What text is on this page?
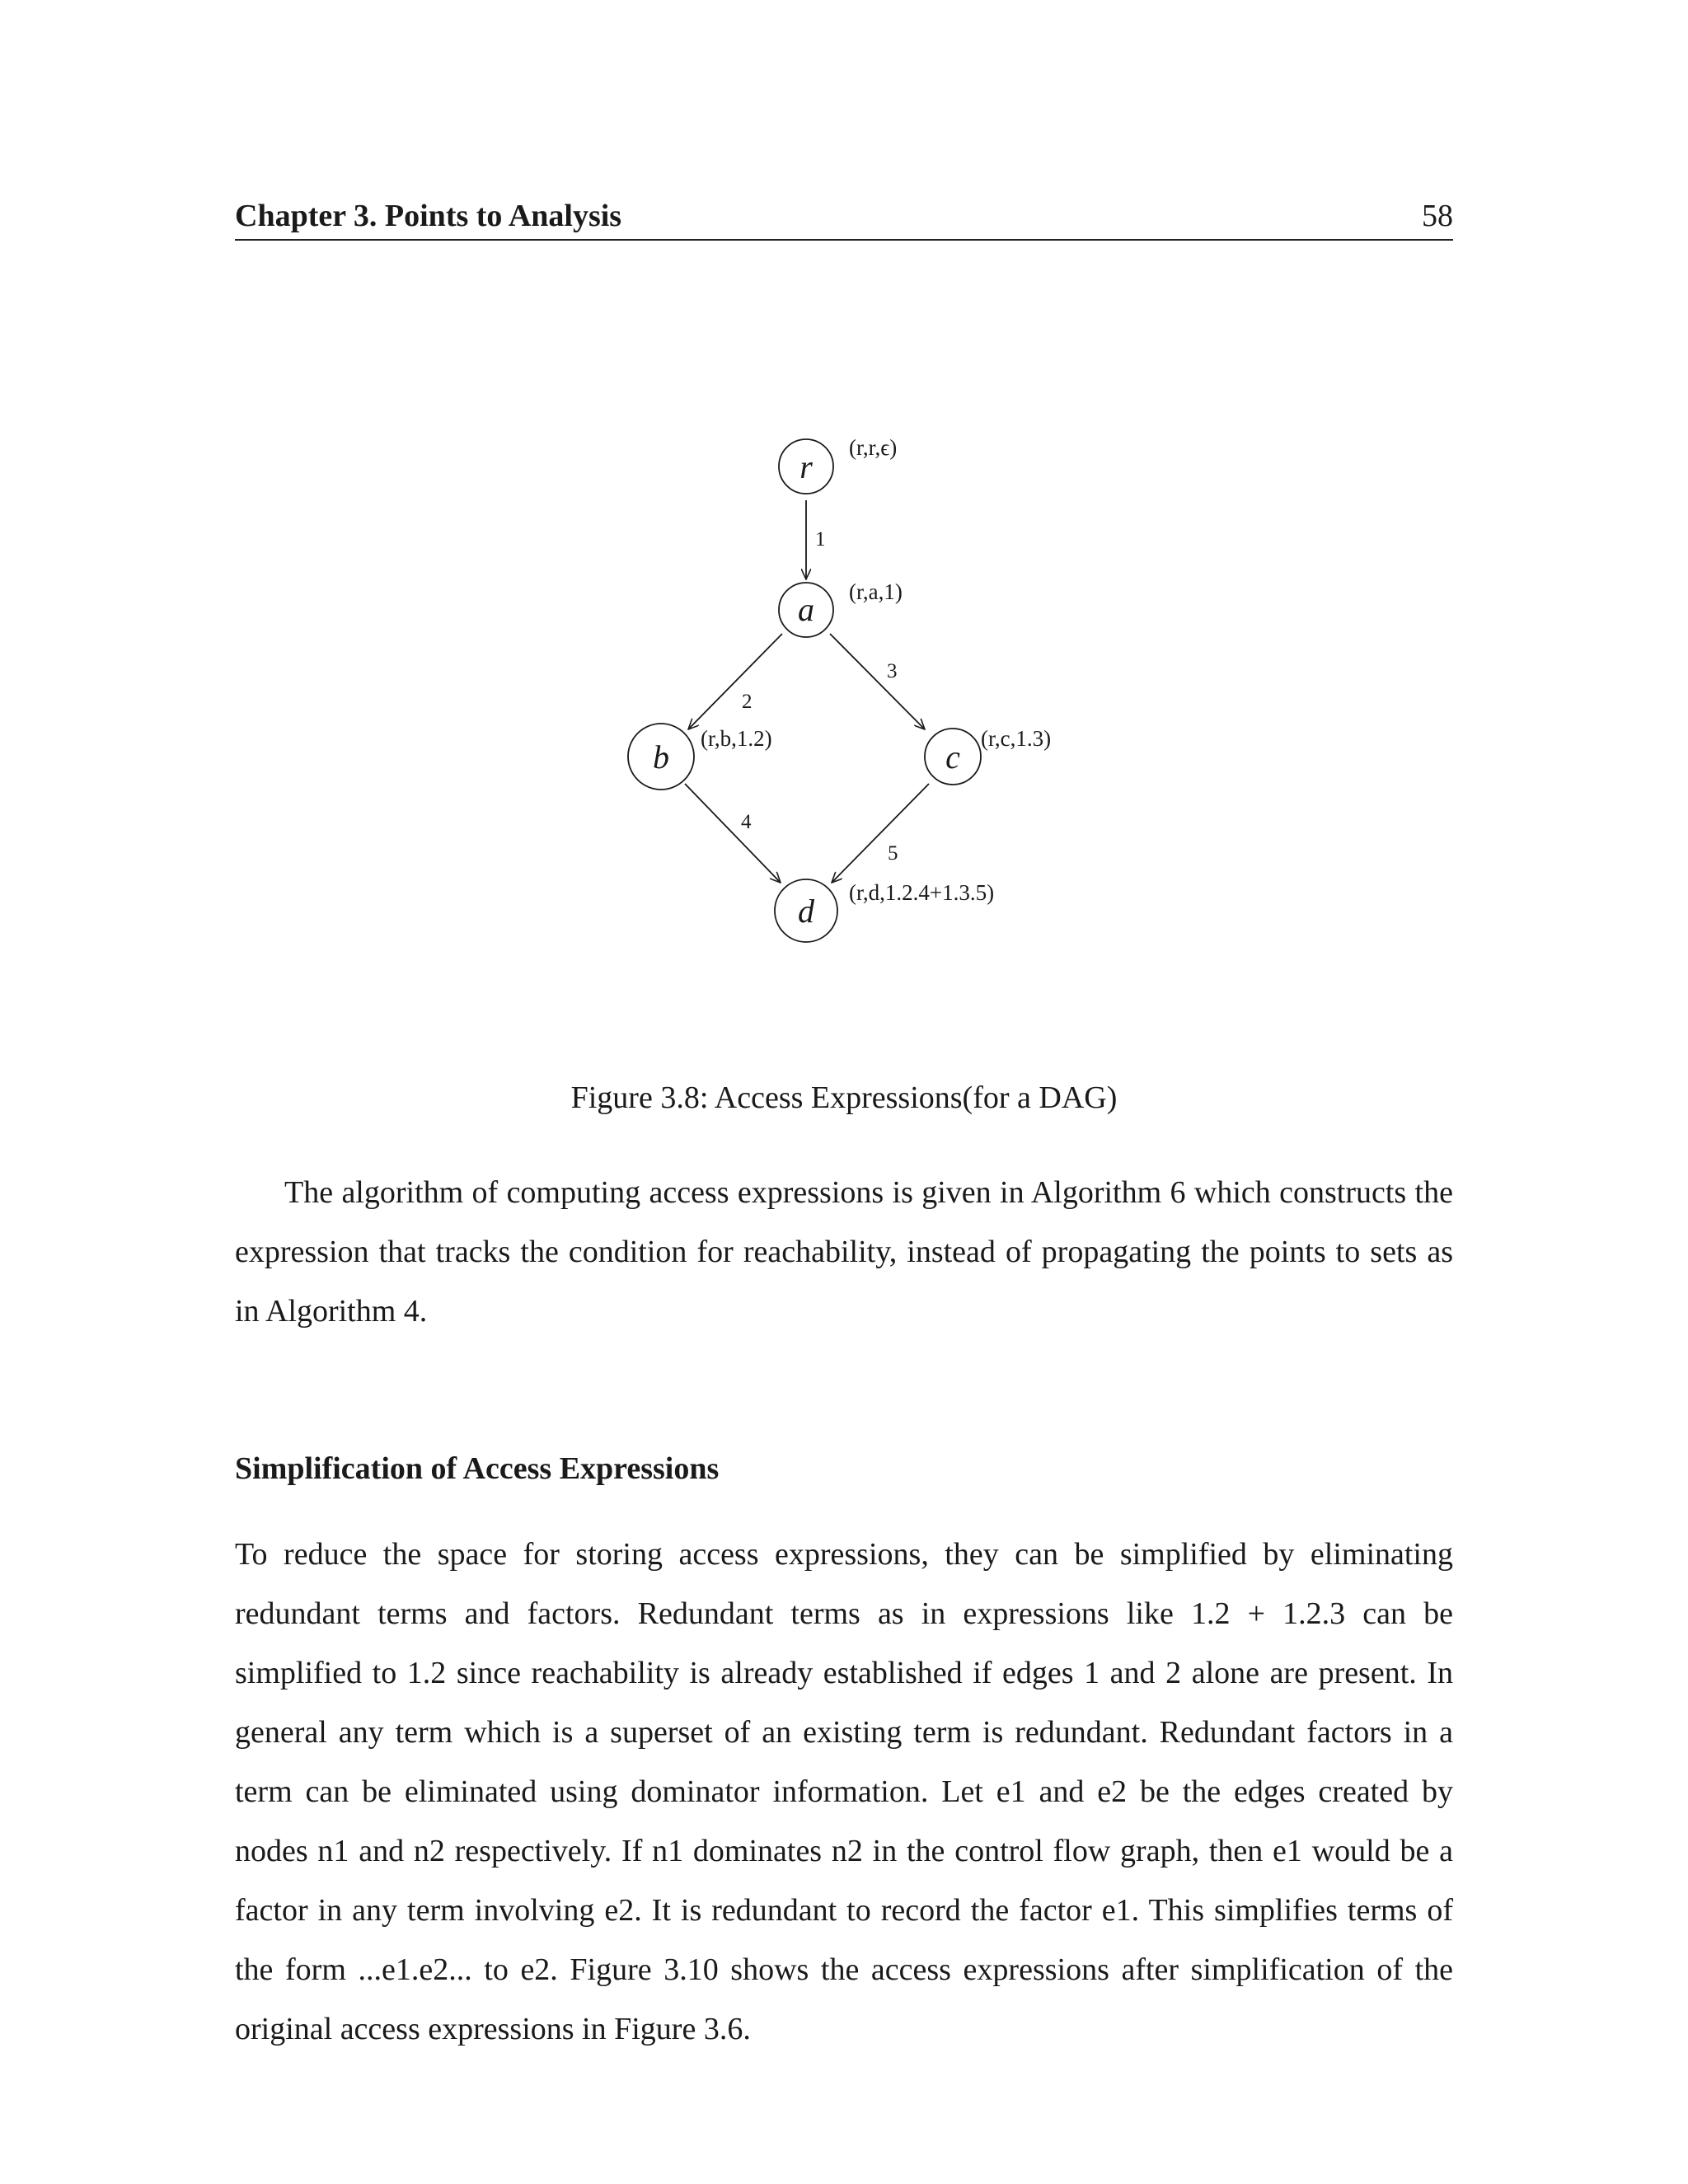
Chapter 3. Points to Analysis	58
1
2
3
4
5
r
a
b	c
d
(r,r,ϵ)
(r,a,1)
(r,b,1.2)	(r,c,1.3)
(r,d,1.2.4+1.3.5)
Figure 3.8: Access Expressions(for a DAG)

The algorithm of computing access expressions is given in Algorithm 6 which constructs the expression that tracks the condition for reachability, instead of propagating the points to sets as in Algorithm 4.

Simplification of Access Expressions

To reduce the space for storing access expressions, they can be simplified by eliminating redundant terms and factors. Redundant terms as in expressions like 1.2 + 1.2.3 can be simplified to 1.2 since reachability is already established if edges 1 and 2 alone are present. In general any term which is a superset of an existing term is redundant. Redundant factors in a term can be eliminated using dominator information. Let e1 and e2 be the edges created by nodes n1 and n2 respectively. If n1 dominates n2 in the control flow graph, then e1 would be a factor in any term involving e2. It is redundant to record the factor e1. This simplifies terms of the form ...e1.e2... to e2. Figure 3.10 shows the access expressions after simplification of the original access expressions in Figure 3.6.
